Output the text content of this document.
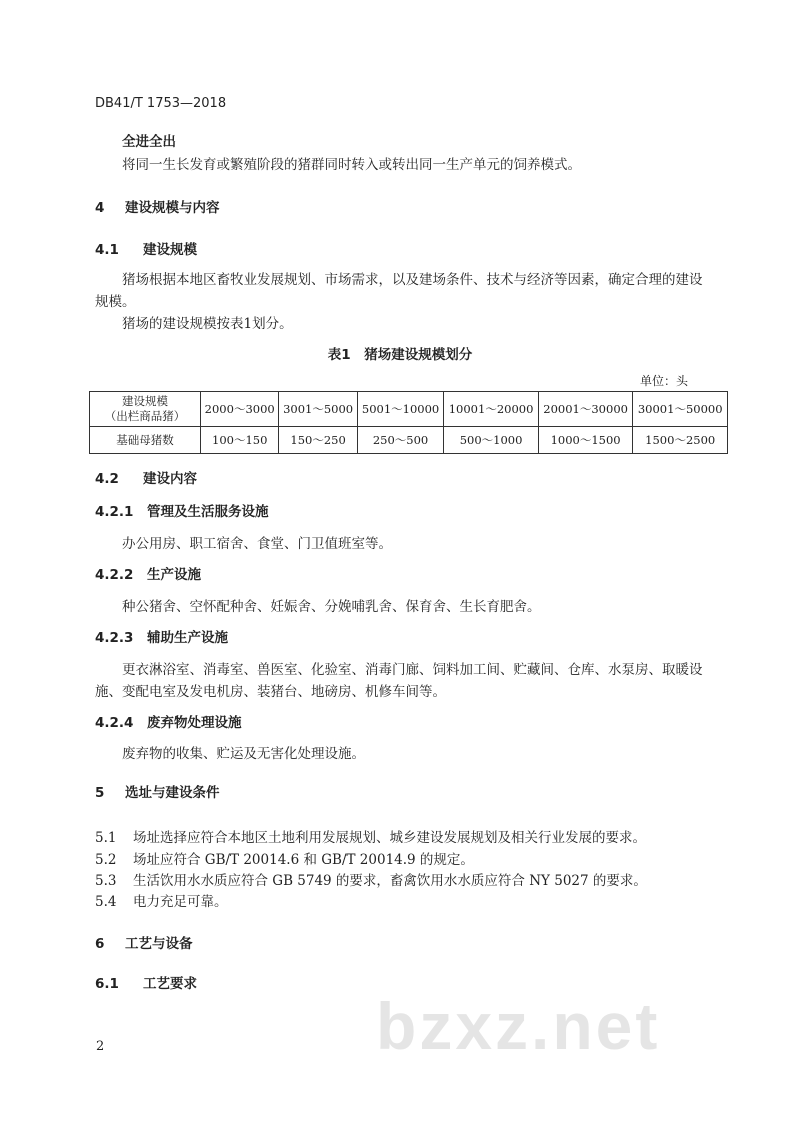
DB41/T 1753—2018
全进全出
将同一生长发育或繁殖阶段的猪群同时转入或转出同一生产单元的饲养模式。
4 建设规模与内容
4.1 建设规模
猪场根据本地区畜牧业发展规划、市场需求，以及建场条件、技术与经济等因素，确定合理的建设
规模。
猪场的建设规模按表1划分。
表1　猪场建设规模划分
单位：头
建设规模
（出栏商品猪）	2000～3000	3001～5000	5001～10000	10001～20000	20001～30000	30001～50000
基础母猪数	100～150	150～250	250～500	500～1000	1000～1500	1500～2500
4.2 建设内容
4.2.1 管理及生活服务设施
办公用房、职工宿舍、食堂、门卫值班室等。
4.2.2 生产设施
种公猪舍、空怀配种舍、妊娠舍、分娩哺乳舍、保育舍、生长育肥舍。
4.2.3 辅助生产设施
更衣淋浴室、消毒室、兽医室、化验室、消毒门廊、饲料加工间、贮藏间、仓库、水泵房、取暖设
施、变配电室及发电机房、装猪台、地磅房、机修车间等。
4.2.4 废弃物处理设施
废弃物的收集、贮运及无害化处理设施。
5 选址与建设条件
5.1 场址选择应符合本地区土地利用发展规划、城乡建设发展规划及相关行业发展的要求。
5.2 场址应符合 GB/T 20014.6 和 GB/T 20014.9 的规定。
5.3 生活饮用水水质应符合 GB 5749 的要求，畜禽饮用水水质应符合 NY 5027 的要求。
5.4 电力充足可靠。
6 工艺与设备
6.1 工艺要求
bzxz.net
2
